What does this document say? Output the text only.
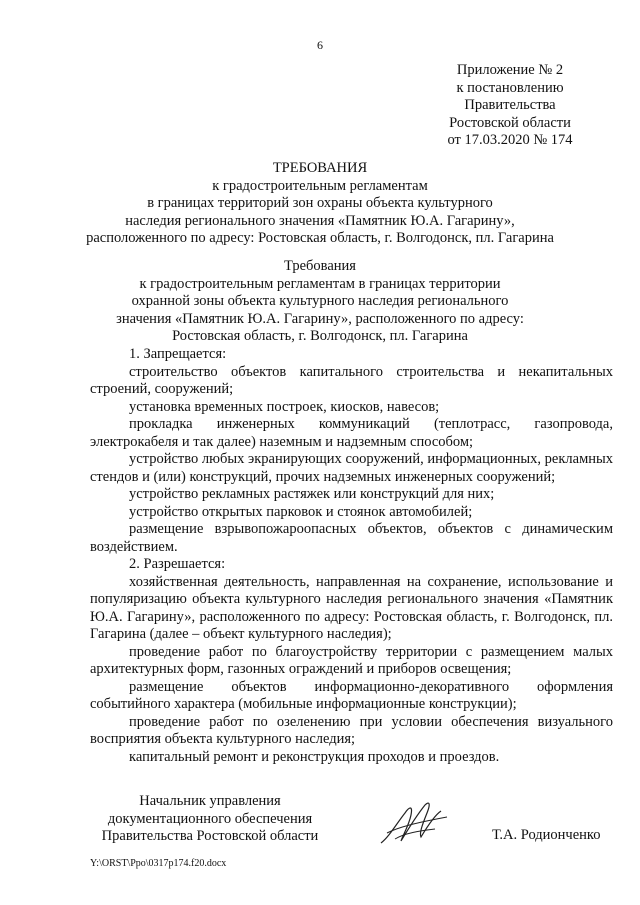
6
Приложение № 2
к постановлению
Правительства
Ростовской области
от 17.03.2020 № 174
ТРЕБОВАНИЯ
к градостроительным регламентам
в границах территорий зон охраны объекта культурного
наследия регионального значения «Памятник Ю.А. Гагарину»,
расположенного по адресу: Ростовская область, г. Волгодонск, пл. Гагарина
Требования
к градостроительным регламентам в границах территории
охранной зоны объекта культурного наследия регионального
значения «Памятник Ю.А. Гагарину», расположенного по адресу:
Ростовская область, г. Волгодонск, пл. Гагарина

1. Запрещается:

строительство объектов капитального строительства и некапитальных строений, сооружений;

установка временных построек, киосков, навесов;

прокладка инженерных коммуникаций (теплотрасс, газопровода, электрокабеля и так далее) наземным и надземным способом;

устройство любых экранирующих сооружений, информационных, рекламных стендов и (или) конструкций, прочих надземных инженерных сооружений;

устройство рекламных растяжек или конструкций для них;

устройство открытых парковок и стоянок автомобилей;

размещение взрывопожароопасных объектов, объектов с динамическим воздействием.

2. Разрешается:

хозяйственная деятельность, направленная на сохранение, использование и популяризацию объекта культурного наследия регионального значения «Памятник Ю.А. Гагарину», расположенного по адресу: Ростовская область, г. Волгодонск, пл. Гагарина (далее – объект культурного наследия);

проведение работ по благоустройству территории с размещением малых архитектурных форм, газонных ограждений и приборов освещения;

размещение объектов информационно-декоративного оформления событийного характера (мобильные информационные конструкции);

проведение работ по озеленению при условии обеспечения визуального восприятия объекта культурного наследия;

капитальный ремонт и реконструкция проходов и проездов.

Начальник управления
документационного обеспечения
Правительства Ростовской области	Т.А. Родионченко
Y:\ORST\Ppo\0317p174.f20.docx
